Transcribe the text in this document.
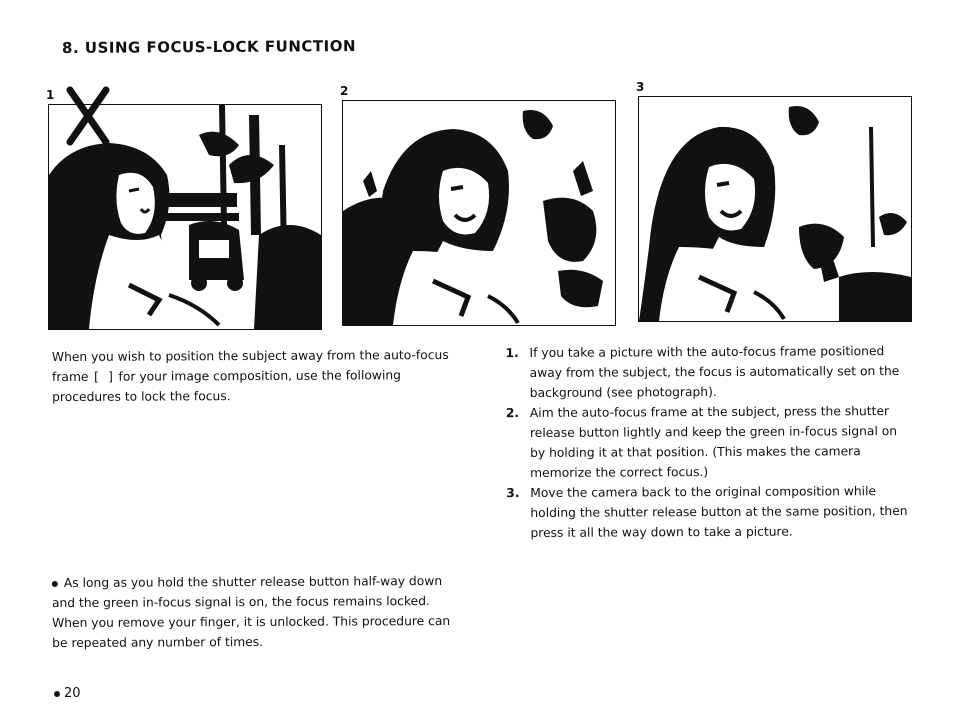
8. USING FOCUS-LOCK FUNCTION
1	2	3
When you wish to position the subject away from the auto-focus frame [ ] for your image composition, use the following procedures to lock the focus.
1. If you take a picture with the auto-focus frame positioned away from the subject, the focus is automatically set on the background (see photograph).
2. Aim the auto-focus frame at the subject, press the shutter release button lightly and keep the green in-focus signal on by holding it at that position. (This makes the camera memorize the correct focus.)
3. Move the camera back to the original composition while holding the shutter release button at the same position, then press it all the way down to take a picture.
As long as you hold the shutter release button half-way down and the green in-focus signal is on, the focus remains locked. When you remove your finger, it is unlocked. This procedure can be repeated any number of times.
20
